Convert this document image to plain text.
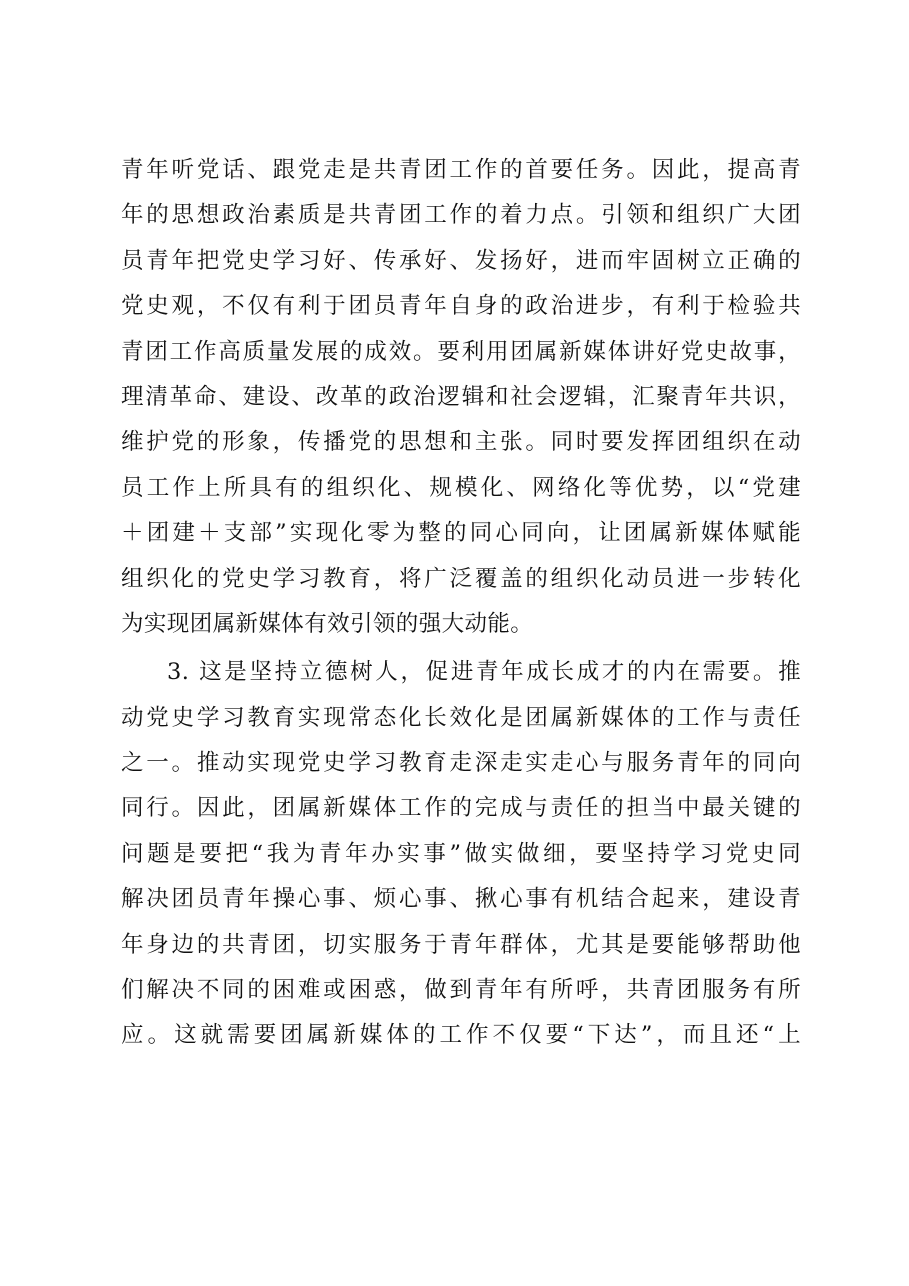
青年听党话、跟党走是共青团工作的首要任务。因此，提高青
年的思想政治素质是共青团工作的着力点。引领和组织广大团
员青年把党史学习好、传承好、发扬好，进而牢固树立正确的
党史观，不仅有利于团员青年自身的政治进步，有利于检验共
青团工作高质量发展的成效。要利用团属新媒体讲好党史故事，
理清革命、建设、改革的政治逻辑和社会逻辑，汇聚青年共识，
维护党的形象，传播党的思想和主张。同时要发挥团组织在动
员工作上所具有的组织化、规模化、网络化等优势，以“党建
＋团建＋支部”实现化零为整的同心同向，让团属新媒体赋能
组织化的党史学习教育，将广泛覆盖的组织化动员进一步转化
为实现团属新媒体有效引领的强大动能。
3. 这是坚持立德树人，促进青年成长成才的内在需要。推
动党史学习教育实现常态化长效化是团属新媒体的工作与责任
之一。推动实现党史学习教育走深走实走心与服务青年的同向
同行。因此，团属新媒体工作的完成与责任的担当中最关键的
问题是要把“我为青年办实事”做实做细，要坚持学习党史同
解决团员青年操心事、烦心事、揪心事有机结合起来，建设青
年身边的共青团，切实服务于青年群体，尤其是要能够帮助他
们解决不同的困难或困惑，做到青年有所呼，共青团服务有所
应。这就需要团属新媒体的工作不仅要“下达”，而且还“上
